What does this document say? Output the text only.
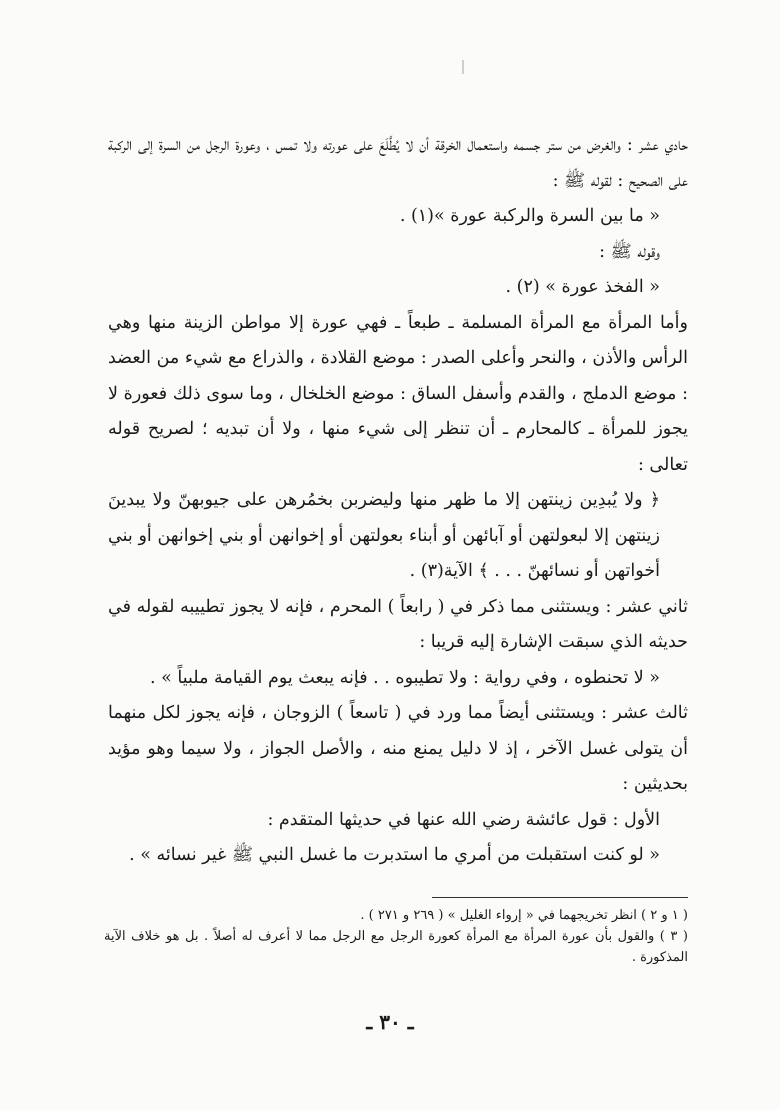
حادي عشر : والغرض من ستر جسمه واستعمال الخرقة أن لا يُطَّلَعَ على عورته ولا تمس ، وعورة الرجل من السرة إلى الركبة على الصحيح : لقوله ﷺ :

« ما بين السرة والركبة عورة »(١) .

وقوله ﷺ :

« الفخذ عورة » (٢) .

وأما المرأة مع المرأة المسلمة ـ طبعاً ـ فهي عورة إلا مواطن الزينة منها وهي الرأس والأذن ، والنحر وأعلى الصدر : موضع القلادة ، والذراع مع شيء من العضد : موضع الدملج ، والقدم وأسفل الساق : موضع الخلخال ، وما سوى ذلك فعورة لا يجوز للمرأة ـ كالمحارم ـ أن تنظر إلى شيء منها ، ولا أن تبديه ؛ لصريح قوله تعالى :

﴿ ولا يُبدِين زينتهن إلا ما ظهر منها وليضربن بخمُرهن على جيوبهنّ ولا يبدينَ زينتهن إلا لبعولتهن أو آبائهن أو أبناء بعولتهن أو إخوانهن أو بني إخوانهن أو بني أخواتهن أو نسائهنّ . . . ﴾ الآية(٣) .

ثاني عشر : ويستثنى مما ذكر في ( رابعاً ) المحرم ، فإنه لا يجوز تطييبه لقوله في حديثه الذي سبقت الإشارة إليه قريبا :

« لا تحنطوه ، وفي رواية : ولا تطيبوه . . فإنه يبعث يوم القيامة ملبياً » .

ثالث عشر : ويستثنى أيضاً مما ورد في ( تاسعاً ) الزوجان ، فإنه يجوز لكل منهما أن يتولى غسل الآخر ، إذ لا دليل يمنع منه ، والأصل الجواز ، ولا سيما وهو مؤيد بحديثين :

الأول : قول عائشة رضي الله عنها في حديثها المتقدم :

« لو كنت استقبلت من أمري ما استدبرت ما غسل النبي ﷺ غير نسائه » .

( ١ و ٢ ) انظر تخريجهما في « إرواء الغليل » ( ٢٦٩ و ٢٧١ ) .

( ٣ ) والقول بأن عورة المرأة مع المرأة كعورة الرجل مع الرجل مما لا أعرف له أصلاً . بل هو خلاف الآية المذكورة .

ـ ٣٠ ـ
